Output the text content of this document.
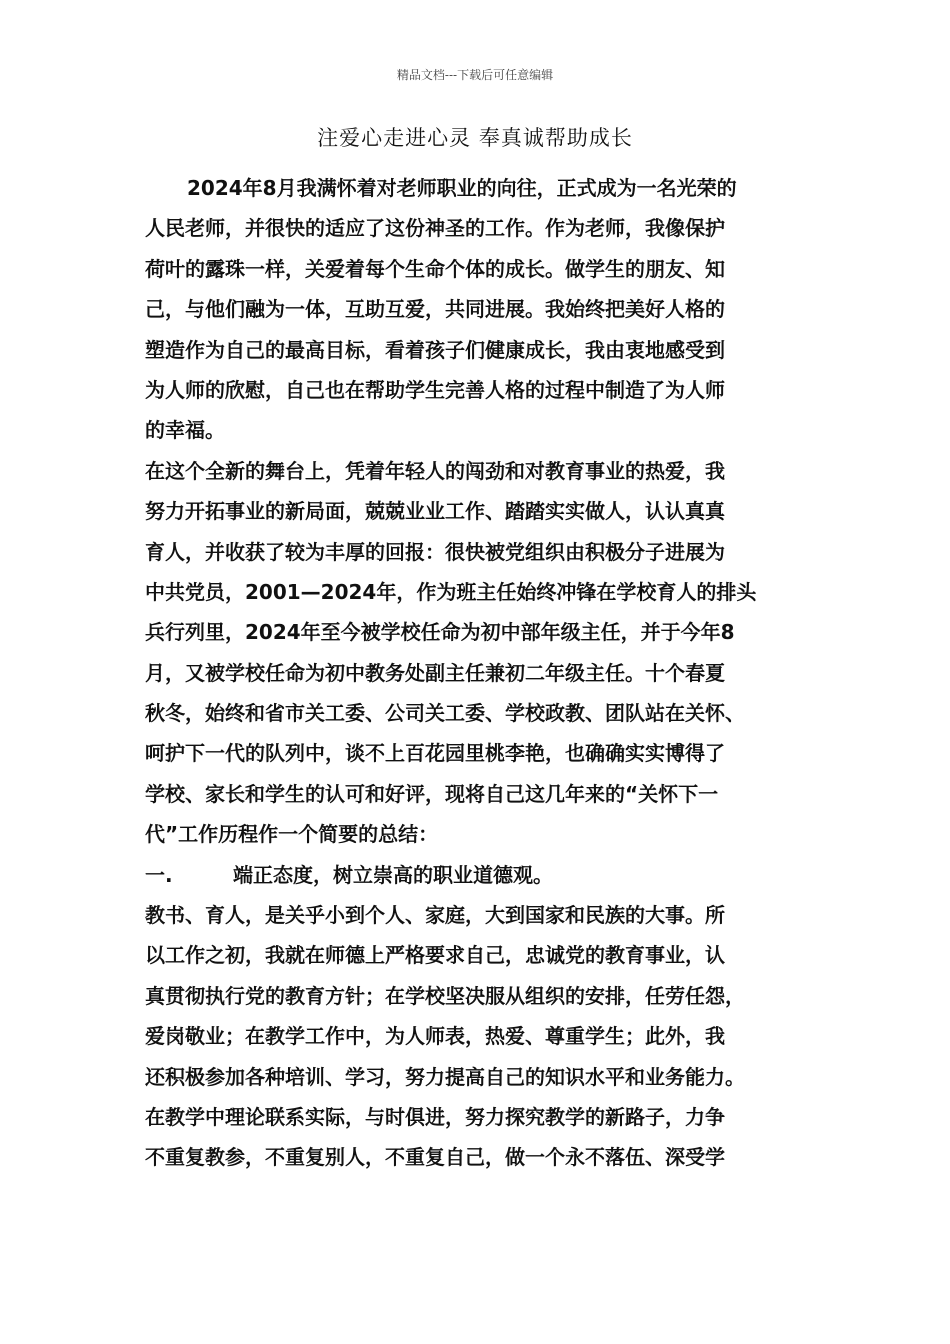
精品文档---下载后可任意编辑
注爱心走进心灵 奉真诚帮助成长
2024年8月我满怀着对老师职业的向往，正式成为一名光荣的
人民老师，并很快的适应了这份神圣的工作。作为老师，我像保护
荷叶的露珠一样，关爱着每个生命个体的成长。做学生的朋友、知
己，与他们融为一体，互助互爱，共同进展。我始终把美好人格的
塑造作为自己的最高目标，看着孩子们健康成长，我由衷地感受到
为人师的欣慰，自己也在帮助学生完善人格的过程中制造了为人师
的幸福。
在这个全新的舞台上，凭着年轻人的闯劲和对教育事业的热爱，我
努力开拓事业的新局面，兢兢业业工作、踏踏实实做人，认认真真
育人，并收获了较为丰厚的回报：很快被党组织由积极分子进展为
中共党员，2001—2024年，作为班主任始终冲锋在学校育人的排头
兵行列里，2024年至今被学校任命为初中部年级主任，并于今年8
月，又被学校任命为初中教务处副主任兼初二年级主任。十个春夏
秋冬，始终和省市关工委、公司关工委、学校政教、团队站在关怀、
呵护下一代的队列中，谈不上百花园里桃李艳，也确确实实博得了
学校、家长和学生的认可和好评，现将自己这几年来的“关怀下一
代”工作历程作一个简要的总结：
一.	端正态度，树立崇高的职业道德观。
教书、育人，是关乎小到个人、家庭，大到国家和民族的大事。所
以工作之初，我就在师德上严格要求自己，忠诚党的教育事业，认
真贯彻执行党的教育方针；在学校坚决服从组织的安排，任劳任怨，
爱岗敬业；在教学工作中，为人师表，热爱、尊重学生；此外，我
还积极参加各种培训、学习，努力提高自己的知识水平和业务能力。
在教学中理论联系实际，与时俱进，努力探究教学的新路子，力争
不重复教参，不重复别人，不重复自己，做一个永不落伍、深受学
